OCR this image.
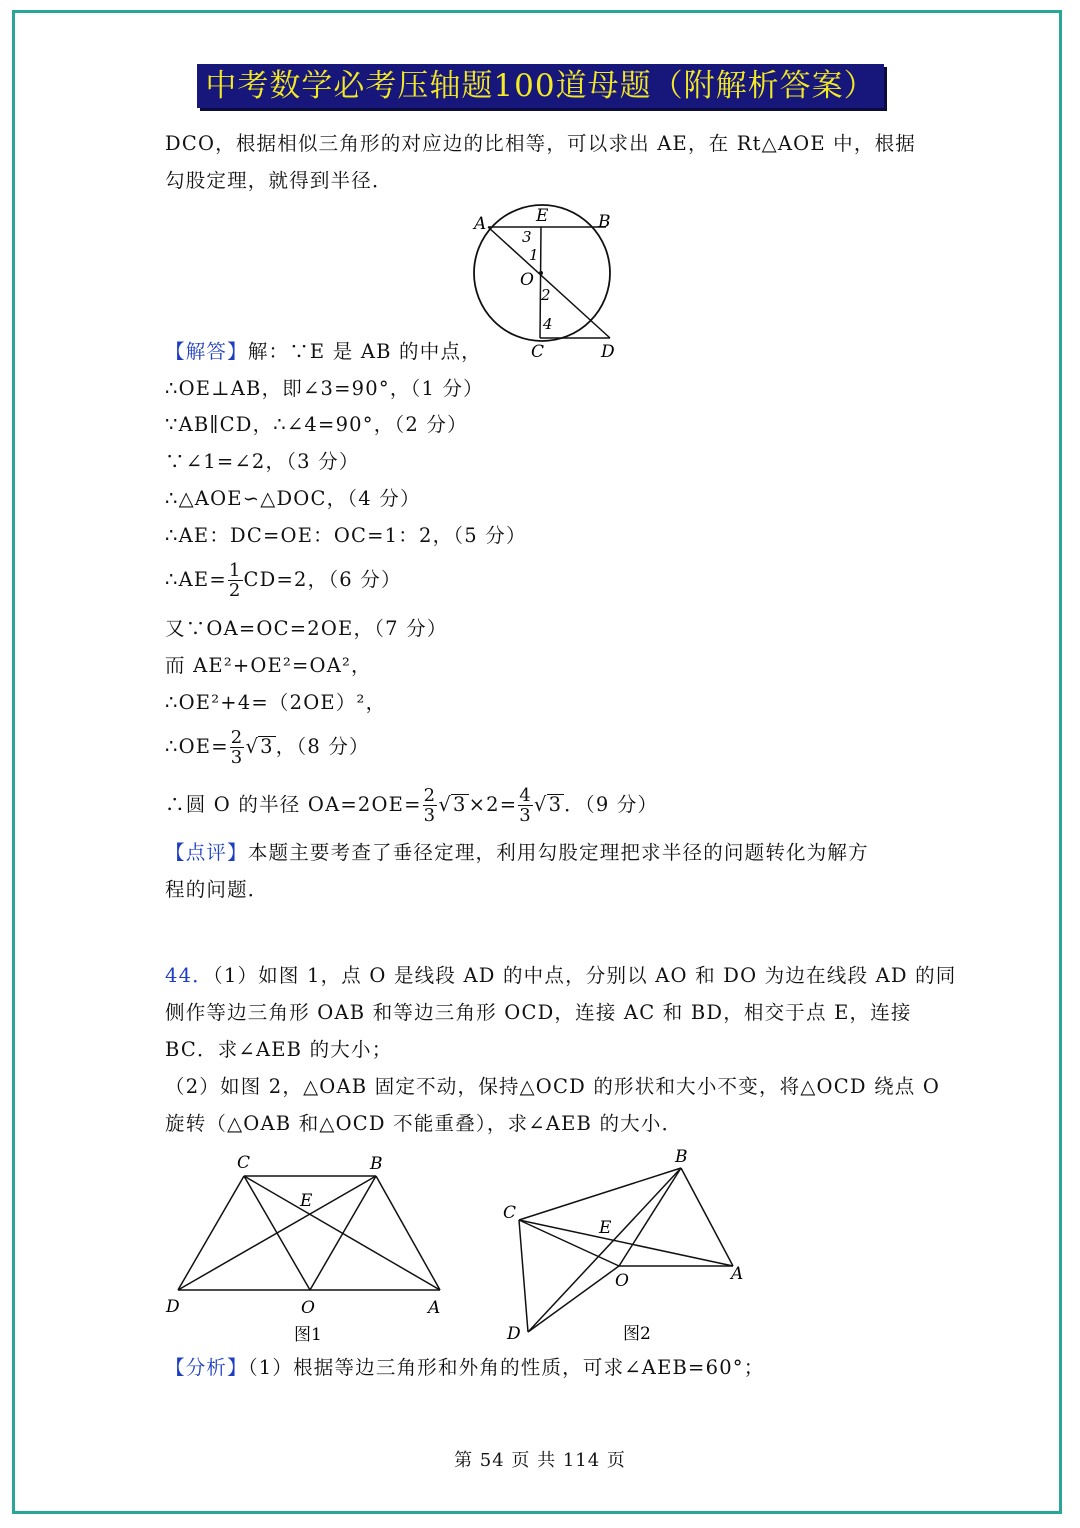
中考数学必考压轴题100道母题（附解析答案）
DCO，根据相似三角形的对应边的比相等，可以求出 AE，在 Rt△AOE 中，根据
勾股定理，就得到半径．
A	E	B
3
1
O
2
4
C	D
【解答】解：∵E 是 AB 的中点，
∴OE⊥AB，即∠3=90°，（1 分）
∵AB∥CD，∴∠4=90°，（2 分）
∵∠1=∠2，（3 分）
∴△AOE∽△DOC，（4 分）
∴AE：DC=OE：OC=1：2，（5 分）
∴AE= $\frac{1}{2} CD=2$，（6 分）
又∵OA=OC=2OE，（7 分）
而 AE²+OE²=OA²，
∴OE²+4=（2OE）²，
∴OE= $\frac{2}{3} √3$ ，（8 分）
∴圆 O 的半径 $OA=2OE= \frac{2}{3} √3 \times 2= \frac{4}{3} √3$ ．（9 分）
【点评】本题主要考查了垂径定理，利用勾股定理把求半径的问题转化为解方
程的问题．
44．（1）如图 1，点 O 是线段 AD 的中点，分别以 AO 和 DO 为边在线段 AD 的同
侧作等边三角形 OAB 和等边三角形 OCD，连接 AC 和 BD，相交于点 E，连接
BC．求∠AEB 的大小；
（2）如图 2，△OAB 固定不动，保持△OCD 的形状和大小不变，将△OCD 绕点 O
旋转（△OAB 和△OCD 不能重叠），求∠AEB 的大小．
C	B
E
D	O	A
图1
B
C
E
O	A
D	图2
【分析】（1）根据等边三角形和外角的性质，可求∠AEB=60°；
第 54 页 共 114 页
